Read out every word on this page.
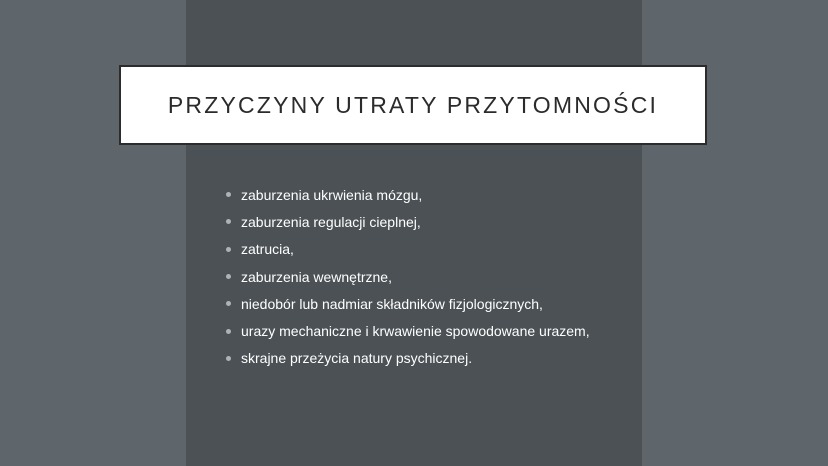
PRZYCZYNY UTRATY PRZYTOMNOŚCI
zaburzenia ukrwienia mózgu,
zaburzenia regulacji cieplnej,
zatrucia,
zaburzenia wewnętrzne,
niedobór lub nadmiar składników fizjologicznych,
urazy mechaniczne i krwawienie spowodowane urazem,
skrajne przeżycia natury psychicznej.
